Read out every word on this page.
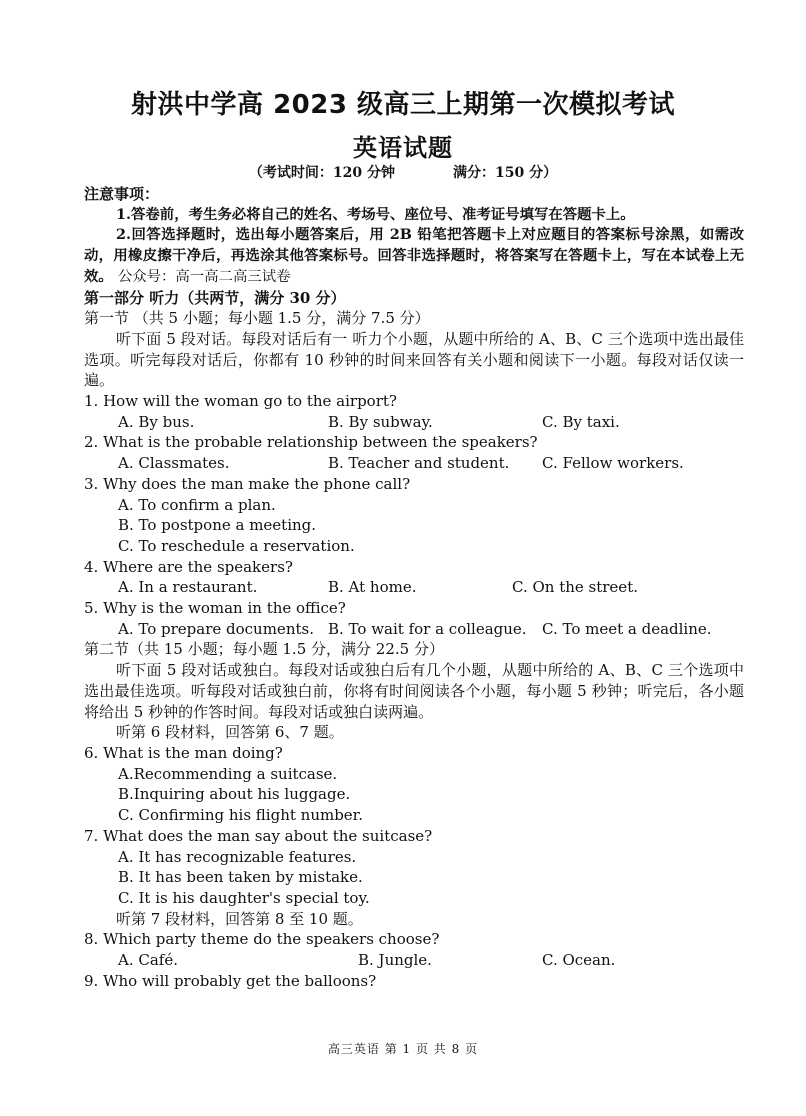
射洪中学高 2023 级高三上期第一次模拟考试
英语试题
（考试时间：120 分钟	满分：150 分）
注意事项：
1.答卷前，考生务必将自己的姓名、考场号、座位号、准考证号填写在答题卡上。
2.回答选择题时，选出每小题答案后，用 2B 铅笔把答题卡上对应题目的答案标号涂黑，如需改动，用橡皮擦干净后，再选涂其他答案标号。回答非选择题时，将答案写在答题卡上，写在本试卷上无效。 公众号：高一高二高三试卷
第一部分 听力（共两节，满分 30 分）
第一节 （共 5 小题；每小题 1.5 分，满分 7.5 分）
听下面 5 段对话。每段对话后有一 听力个小题，从题中所给的 A、B、C 三个选项中选出最佳选项。听完每段对话后，你都有 10 秒钟的时间来回答有关小题和阅读下一小题。每段对话仅读一遍。
1. How will the woman go to the airport?
A. By bus.	B. By subway.	C. By taxi.
2. What is the probable relationship between the speakers?
A. Classmates.	B. Teacher and student.	C. Fellow workers.
3. Why does the man make the phone call?
A. To confirm a plan.
B. To postpone a meeting.
C. To reschedule a reservation.
4. Where are the speakers?
A. In a restaurant.	B. At home.	C. On the street.
5. Why is the woman in the office?
A. To prepare documents. B. To wait for a colleague.	C. To meet a deadline.
第二节（共 15 小题；每小题 1.5 分，满分 22.5 分）
听下面 5 段对话或独白。每段对话或独白后有几个小题，从题中所给的 A、B、C 三个选项中选出最佳选项。听每段对话或独白前，你将有时间阅读各个小题，每小题 5 秒钟；听完后，各小题将给出 5 秒钟的作答时间。每段对话或独白读两遍。
听第 6 段材料，回答第 6、7 题。
6. What is the man doing?
A.Recommending a suitcase.
B.Inquiring about his luggage.
C. Confirming his flight number.
7. What does the man say about the suitcase?
A. It has recognizable features.
B. It has been taken by mistake.
C. It is his daughter's special toy.
听第 7 段材料，回答第 8 至 10 题。
8. Which party theme do the speakers choose?
A. Café.	B. Jungle.	C. Ocean.
9. Who will probably get the balloons?
高三英语 第 1 页 共 8 页
